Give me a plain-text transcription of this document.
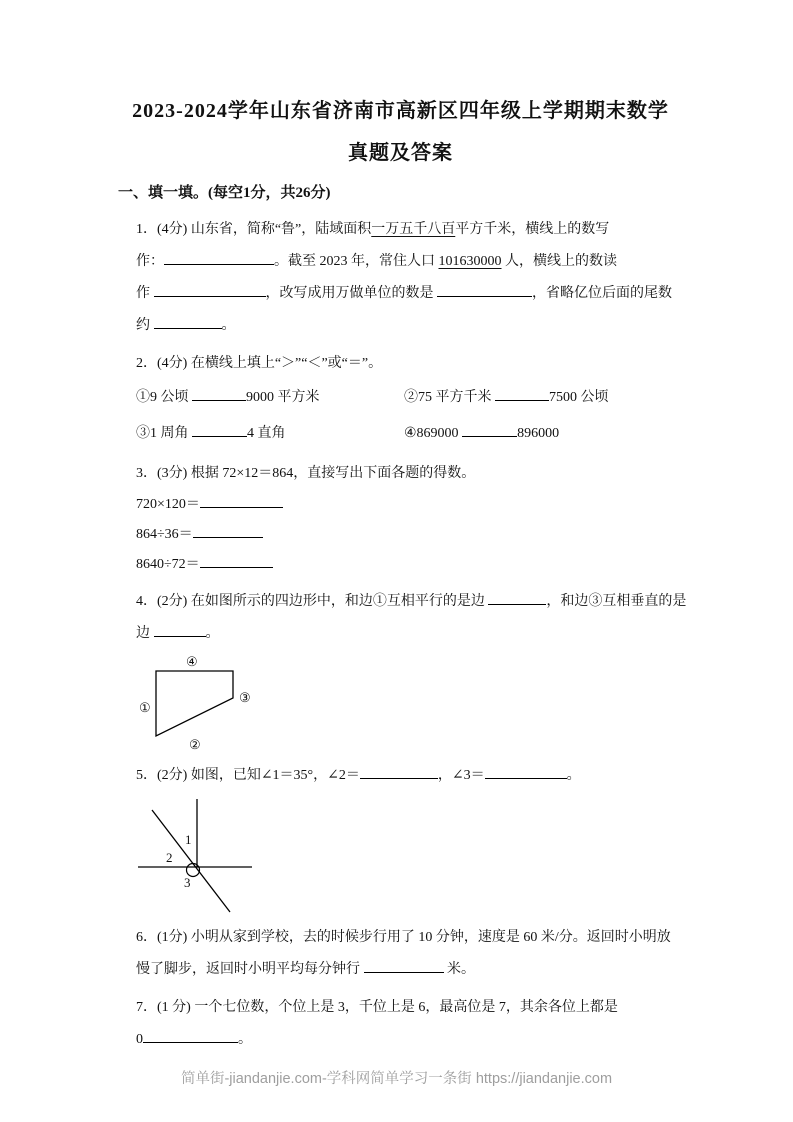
2023-2024学年山东省济南市高新区四年级上学期期末数学
真题及答案
一、填一填。(每空1分，共26分)
1．(4分) 山东省，简称“鲁”，陆域面积一万五千八百平方千米，横线上的数写
作：	。截至 2023 年，常住人口 101630000 人，横线上的数读
作	，改写成用万做单位的数是	，省略亿位后面的尾数
约	。
2．(4分) 在横线上填上“＞”“＜”或“＝”。
①9 公顷	9000 平方米	②75 平方千米	7500 公顷
③1 周角	4 直角	④869000	896000
3．(3分) 根据 72×12＝864，直接写出下面各题的得数。
720×120＝
864÷36＝
8640÷72＝
4．(2分) 在如图所示的四边形中，和边①互相平行的是边	，和边③互相垂直的是
边	。
④
③
①
②
5．(2分) 如图，已知∠1＝35°，∠2＝	，∠3＝	。
1
2
3
6．(1分) 小明从家到学校，去的时候步行用了 10 分钟，速度是 60 米/分。返回时小明放
慢了脚步，返回时小明平均每分钟行	米。
7．(1 分) 一个七位数，个位上是 3，千位上是 6，最高位是 7，其余各位上都是
0	。
简单街-jiandanjie.com-学科网简单学习一条街 https://jiandanjie.com
